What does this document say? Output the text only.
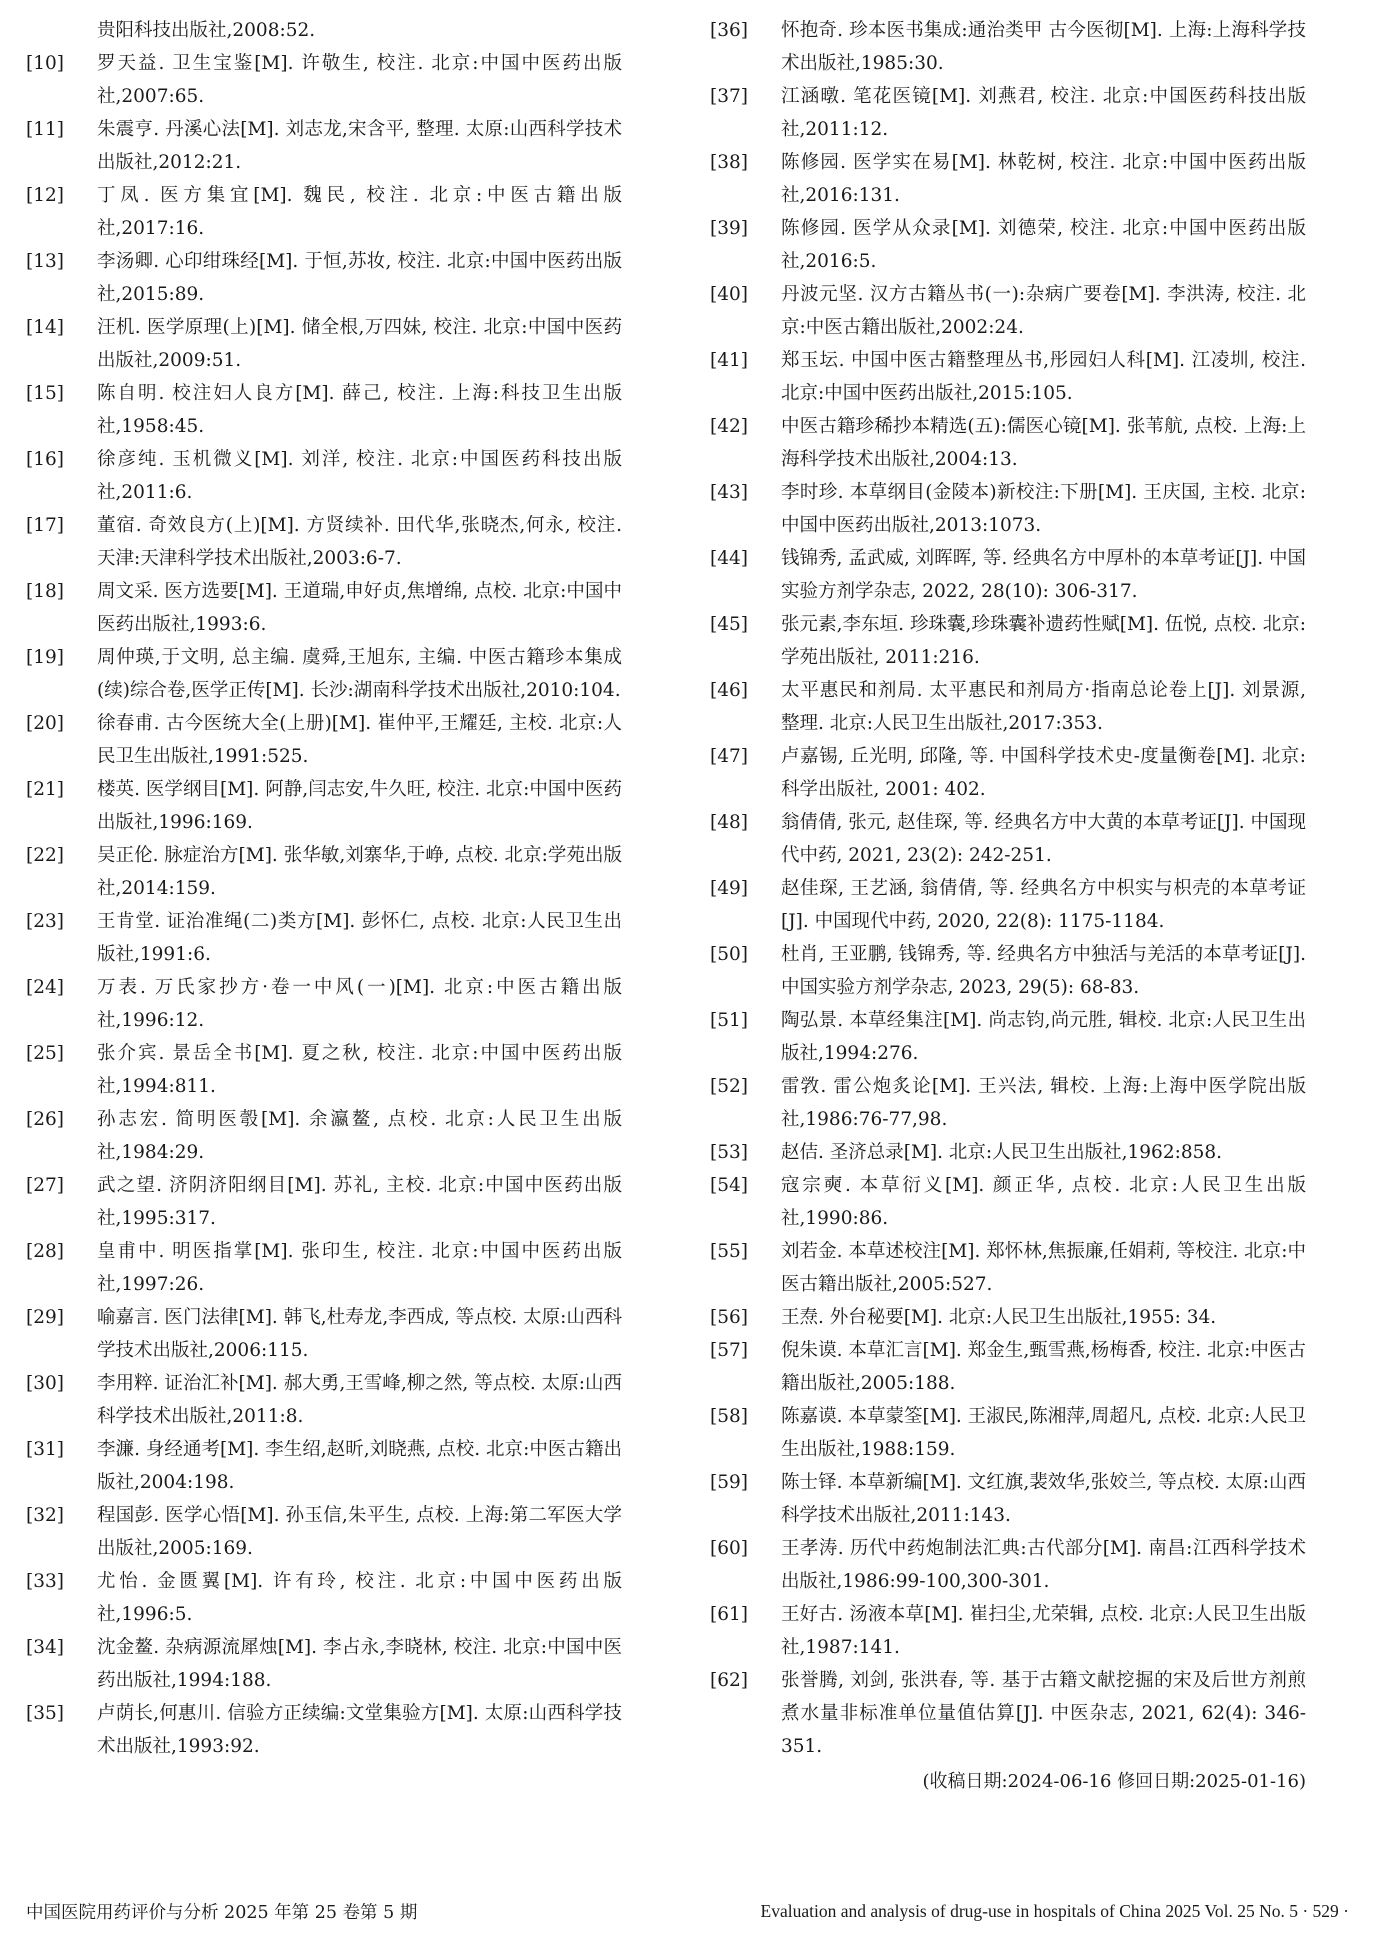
贵阳科技出版社,2008:52.
[10]	罗天益. 卫生宝鉴[M]. 许敬生, 校注. 北京:中国中医药出版社,2007:65.
[11]	朱震亨. 丹溪心法[M]. 刘志龙,宋含平, 整理. 太原:山西科学技术出版社,2012:21.
[12]	丁凤. 医方集宜[M]. 魏民, 校注. 北京:中医古籍出版社,2017:16.
[13]	李汤卿. 心印绀珠经[M]. 于恒,苏妆, 校注. 北京:中国中医药出版社,2015:89.
[14]	汪机. 医学原理(上)[M]. 储全根,万四妹, 校注. 北京:中国中医药出版社,2009:51.
[15]	陈自明. 校注妇人良方[M]. 薛己, 校注. 上海:科技卫生出版社,1958:45.
[16]	徐彦纯. 玉机微义[M]. 刘洋, 校注. 北京:中国医药科技出版社,2011:6.
[17]	董宿. 奇效良方(上)[M]. 方贤续补. 田代华,张晓杰,何永, 校注. 天津:天津科学技术出版社,2003:6-7.
[18]	周文采. 医方选要[M]. 王道瑞,申好贞,焦增绵, 点校. 北京:中国中医药出版社,1993:6.
[19]	周仲瑛,于文明, 总主编. 虞舜,王旭东, 主编. 中医古籍珍本集成(续)综合卷,医学正传[M]. 长沙:湖南科学技术出版社,2010:104.
[20]	徐春甫. 古今医统大全(上册)[M]. 崔仲平,王耀廷, 主校. 北京:人民卫生出版社,1991:525.
[21]	楼英. 医学纲目[M]. 阿静,闫志安,牛久旺, 校注. 北京:中国中医药出版社,1996:169.
[22]	吴正伦. 脉症治方[M]. 张华敏,刘寨华,于峥, 点校. 北京:学苑出版社,2014:159.
[23]	王肯堂. 证治准绳(二)类方[M]. 彭怀仁, 点校. 北京:人民卫生出版社,1991:6.
[24]	万表. 万氏家抄方·卷一中风(一)[M]. 北京:中医古籍出版社,1996:12.
[25]	张介宾. 景岳全书[M]. 夏之秋, 校注. 北京:中国中医药出版社,1994:811.
[26]	孙志宏. 简明医彀[M]. 余瀛鳌, 点校. 北京:人民卫生出版社,1984:29.
[27]	武之望. 济阴济阳纲目[M]. 苏礼, 主校. 北京:中国中医药出版社,1995:317.
[28]	皇甫中. 明医指掌[M]. 张印生, 校注. 北京:中国中医药出版社,1997:26.
[29]	喻嘉言. 医门法律[M]. 韩飞,杜寿龙,李西成, 等点校. 太原:山西科学技术出版社,2006:115.
[30]	李用粹. 证治汇补[M]. 郝大勇,王雪峰,柳之然, 等点校. 太原:山西科学技术出版社,2011:8.
[31]	李濂. 身经通考[M]. 李生绍,赵昕,刘晓燕, 点校. 北京:中医古籍出版社,2004:198.
[32]	程国彭. 医学心悟[M]. 孙玉信,朱平生, 点校. 上海:第二军医大学出版社,2005:169.
[33]	尤怡. 金匮翼[M]. 许有玲, 校注. 北京:中国中医药出版社,1996:5.
[34]	沈金鳌. 杂病源流犀烛[M]. 李占永,李晓林, 校注. 北京:中国中医药出版社,1994:188.
[35]	卢荫长,何惠川. 信验方正续编:文堂集验方[M]. 太原:山西科学技术出版社,1993:92.
[36]	怀抱奇. 珍本医书集成:通治类甲 古今医彻[M]. 上海:上海科学技术出版社,1985:30.
[37]	江涵暾. 笔花医镜[M]. 刘燕君, 校注. 北京:中国医药科技出版社,2011:12.
[38]	陈修园. 医学实在易[M]. 林乾树, 校注. 北京:中国中医药出版社,2016:131.
[39]	陈修园. 医学从众录[M]. 刘德荣, 校注. 北京:中国中医药出版社,2016:5.
[40]	丹波元坚. 汉方古籍丛书(一):杂病广要卷[M]. 李洪涛, 校注. 北京:中医古籍出版社,2002:24.
[41]	郑玉坛. 中国中医古籍整理丛书,彤园妇人科[M]. 江凌圳, 校注. 北京:中国中医药出版社,2015:105.
[42]	中医古籍珍稀抄本精选(五):儒医心镜[M]. 张苇航, 点校. 上海:上海科学技术出版社,2004:13.
[43]	李时珍. 本草纲目(金陵本)新校注:下册[M]. 王庆国, 主校. 北京:中国中医药出版社,2013:1073.
[44]	钱锦秀, 孟武威, 刘晖晖, 等. 经典名方中厚朴的本草考证[J]. 中国实验方剂学杂志, 2022, 28(10): 306-317.
[45]	张元素,李东垣. 珍珠囊,珍珠囊补遗药性赋[M]. 伍悦, 点校. 北京:学苑出版社, 2011:216.
[46]	太平惠民和剂局. 太平惠民和剂局方·指南总论卷上[J]. 刘景源, 整理. 北京:人民卫生出版社,2017:353.
[47]	卢嘉锡, 丘光明, 邱隆, 等. 中国科学技术史-度量衡卷[M]. 北京: 科学出版社, 2001: 402.
[48]	翁倩倩, 张元, 赵佳琛, 等. 经典名方中大黄的本草考证[J]. 中国现代中药, 2021, 23(2): 242-251.
[49]	赵佳琛, 王艺涵, 翁倩倩, 等. 经典名方中枳实与枳壳的本草考证[J]. 中国现代中药, 2020, 22(8): 1175-1184.
[50]	杜肖, 王亚鹏, 钱锦秀, 等. 经典名方中独活与羌活的本草考证[J]. 中国实验方剂学杂志, 2023, 29(5): 68-83.
[51]	陶弘景. 本草经集注[M]. 尚志钧,尚元胜, 辑校. 北京:人民卫生出版社,1994:276.
[52]	雷敩. 雷公炮炙论[M]. 王兴法, 辑校. 上海:上海中医学院出版社,1986:76-77,98.
[53]	赵佶. 圣济总录[M]. 北京:人民卫生出版社,1962:858.
[54]	寇宗奭. 本草衍义[M]. 颜正华, 点校. 北京:人民卫生出版社,1990:86.
[55]	刘若金. 本草述校注[M]. 郑怀林,焦振廉,任娟莉, 等校注. 北京:中医古籍出版社,2005:527.
[56]	王焘. 外台秘要[M]. 北京:人民卫生出版社,1955: 34.
[57]	倪朱谟. 本草汇言[M]. 郑金生,甄雪燕,杨梅香, 校注. 北京:中医古籍出版社,2005:188.
[58]	陈嘉谟. 本草蒙筌[M]. 王淑民,陈湘萍,周超凡, 点校. 北京:人民卫生出版社,1988:159.
[59]	陈士铎. 本草新编[M]. 文红旗,裴效华,张姣兰, 等点校. 太原:山西科学技术出版社,2011:143.
[60]	王孝涛. 历代中药炮制法汇典:古代部分[M]. 南昌:江西科学技术出版社,1986:99-100,300-301.
[61]	王好古. 汤液本草[M]. 崔扫尘,尤荣辑, 点校. 北京:人民卫生出版社,1987:141.
[62]	张誉腾, 刘剑, 张洪春, 等. 基于古籍文献挖掘的宋及后世方剂煎煮水量非标准单位量值估算[J]. 中医杂志, 2021, 62(4): 346-351.
(收稿日期:2024-06-16 修回日期:2025-01-16)
中国医院用药评价与分析 2025 年第 25 卷第 5 期	Evaluation and analysis of drug-use in hospitals of China 2025 Vol. 25 No. 5 · 529 ·
